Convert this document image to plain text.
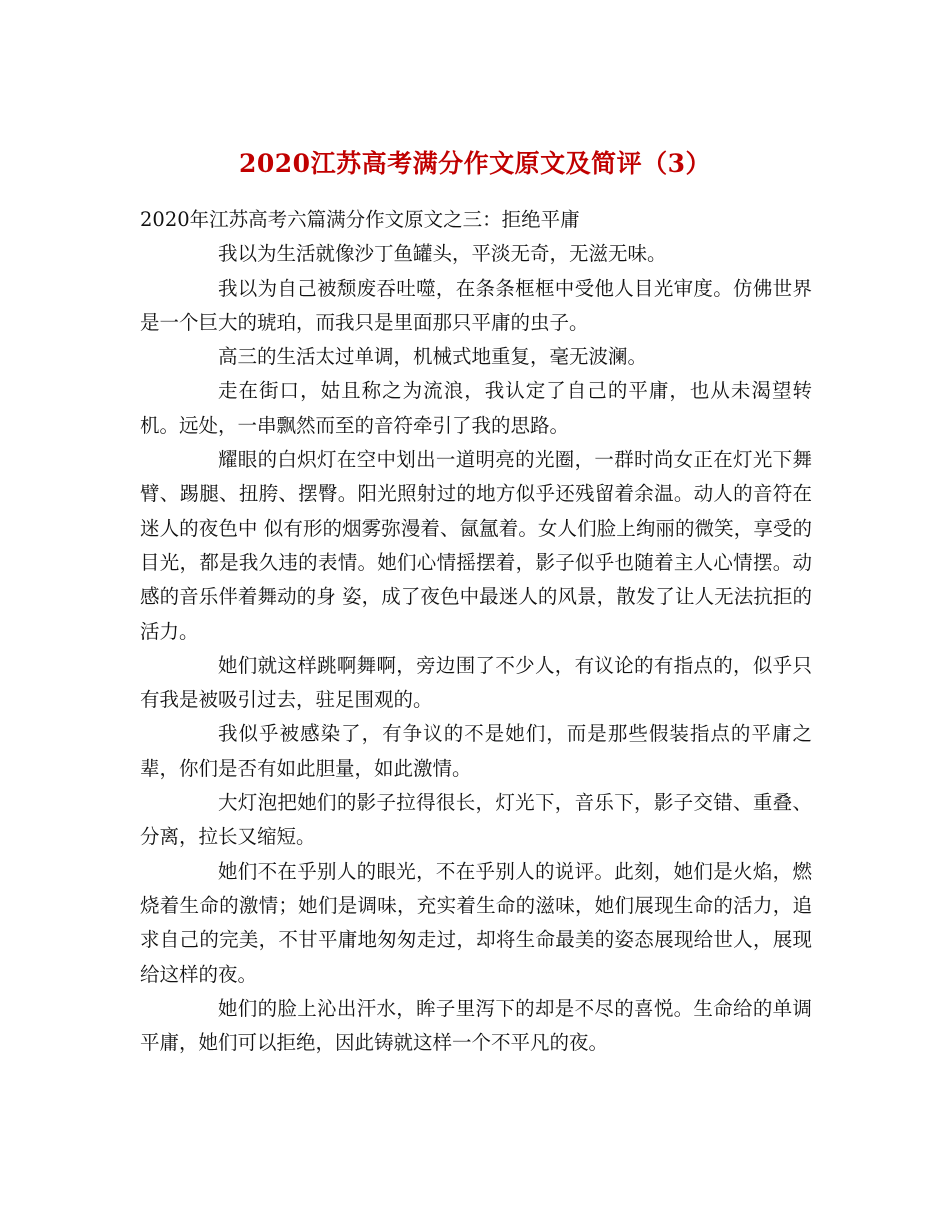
2020江苏高考满分作文原文及简评（3）

2020年江苏高考六篇满分作文原文之三：拒绝平庸

我以为生活就像沙丁鱼罐头，平淡无奇，无滋无味。

我以为自己被颓废吞吐噬，在条条框框中受他人目光审度。仿佛世界是一个巨大的琥珀，而我只是里面那只平庸的虫子。

高三的生活太过单调，机械式地重复，毫无波澜。

走在街口，姑且称之为流浪，我认定了自己的平庸，也从未渴望转机。远处，一串飘然而至的音符牵引了我的思路。

耀眼的白炽灯在空中划出一道明亮的光圈，一群时尚女正在灯光下舞臂、踢腿、扭胯、摆臀。阳光照射过的地方似乎还残留着余温。动人的音符在迷人的夜色中 似有形的烟雾弥漫着、氤氲着。女人们脸上绚丽的微笑，享受的目光，都是我久违的表情。她们心情摇摆着，影子似乎也随着主人心情摆。动感的音乐伴着舞动的身 姿，成了夜色中最迷人的风景，散发了让人无法抗拒的活力。

她们就这样跳啊舞啊，旁边围了不少人，有议论的有指点的，似乎只有我是被吸引过去，驻足围观的。

我似乎被感染了，有争议的不是她们，而是那些假装指点的平庸之辈，你们是否有如此胆量，如此激情。

大灯泡把她们的影子拉得很长，灯光下，音乐下，影子交错、重叠、分离，拉长又缩短。

她们不在乎别人的眼光，不在乎别人的说评。此刻，她们是火焰，燃烧着生命的激情；她们是调味，充实着生命的滋味，她们展现生命的活力，追求自己的完美，不甘平庸地匆匆走过，却将生命最美的姿态展现给世人，展现给这样的夜。

她们的脸上沁出汗水，眸子里泻下的却是不尽的喜悦。生命给的单调平庸，她们可以拒绝，因此铸就这样一个不平凡的夜。
